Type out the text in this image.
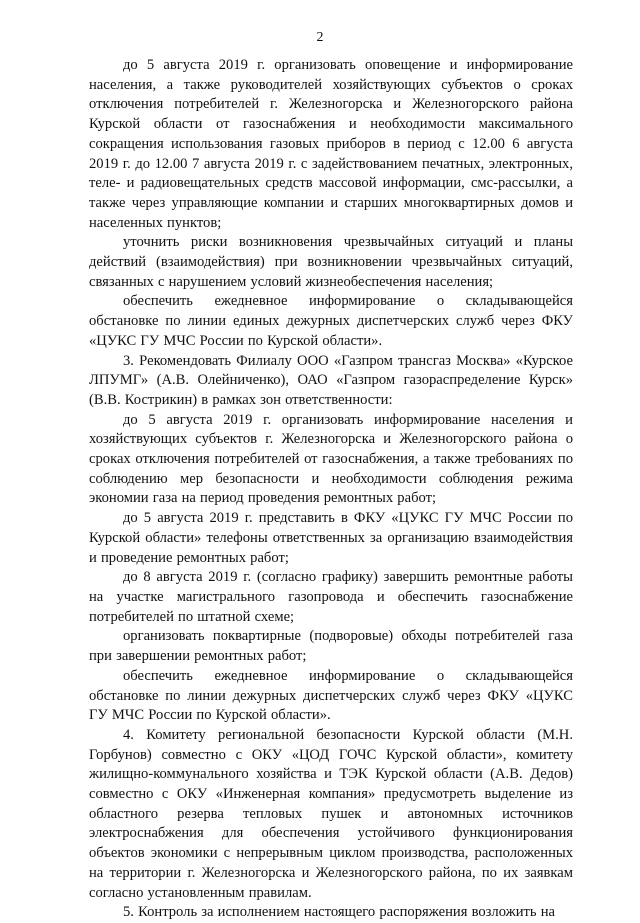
2

до 5 августа 2019 г. организовать оповещение и информирование населения, а также руководителей хозяйствующих субъектов о сроках отключения потребителей г. Железногорска и Железногорского района Курской области от газоснабжения и необходимости максимального сокращения использования газовых приборов в период с 12.00 6 августа 2019 г. до 12.00 7 августа 2019 г. с задействованием печатных, электронных, теле- и радиовещательных средств массовой информации, смс-рассылки, а также через управляющие компании и старших многоквартирных домов и населенных пунктов;

уточнить риски возникновения чрезвычайных ситуаций и планы действий (взаимодействия) при возникновении чрезвычайных ситуаций, связанных с нарушением условий жизнеобеспечения населения;

обеспечить ежедневное информирование о складывающейся обстановке по линии единых дежурных диспетчерских служб через ФКУ «ЦУКС ГУ МЧС России по Курской области».

3. Рекомендовать Филиалу ООО «Газпром трансгаз Москва» «Курское ЛПУМГ» (А.В. Олейниченко), ОАО «Газпром газораспределение Курск» (В.В. Кострикин) в рамках зон ответственности:

до 5 августа 2019 г. организовать информирование населения и хозяйствующих субъектов г. Железногорска и Железногорского района о сроках отключения потребителей от газоснабжения, а также требованиях по соблюдению мер безопасности и необходимости соблюдения режима экономии газа на период проведения ремонтных работ;

до 5 августа 2019 г. представить в ФКУ «ЦУКС ГУ МЧС России по Курской области» телефоны ответственных за организацию взаимодействия и проведение ремонтных работ;

до 8 августа 2019 г. (согласно графику) завершить ремонтные работы на участке магистрального газопровода и обеспечить газоснабжение потребителей по штатной схеме;

организовать поквартирные (подворовые) обходы потребителей газа при завершении ремонтных работ;

обеспечить ежедневное информирование о складывающейся обстановке по линии дежурных диспетчерских служб через ФКУ «ЦУКС ГУ МЧС России по Курской области».

4. Комитету региональной безопасности Курской области (М.Н. Горбунов) совместно с ОКУ «ЦОД ГОЧС Курской области», комитету жилищно-коммунального хозяйства и ТЭК Курской области (А.В. Дедов) совместно с ОКУ «Инженерная компания» предусмотреть выделение из областного резерва тепловых пушек и автономных источников электроснабжения для обеспечения устойчивого функционирования объектов экономики с непрерывным циклом производства, расположенных на территории г. Железногорска и Железногорского района, по их заявкам согласно установленным правилам.

5. Контроль за исполнением настоящего распоряжения возложить на
